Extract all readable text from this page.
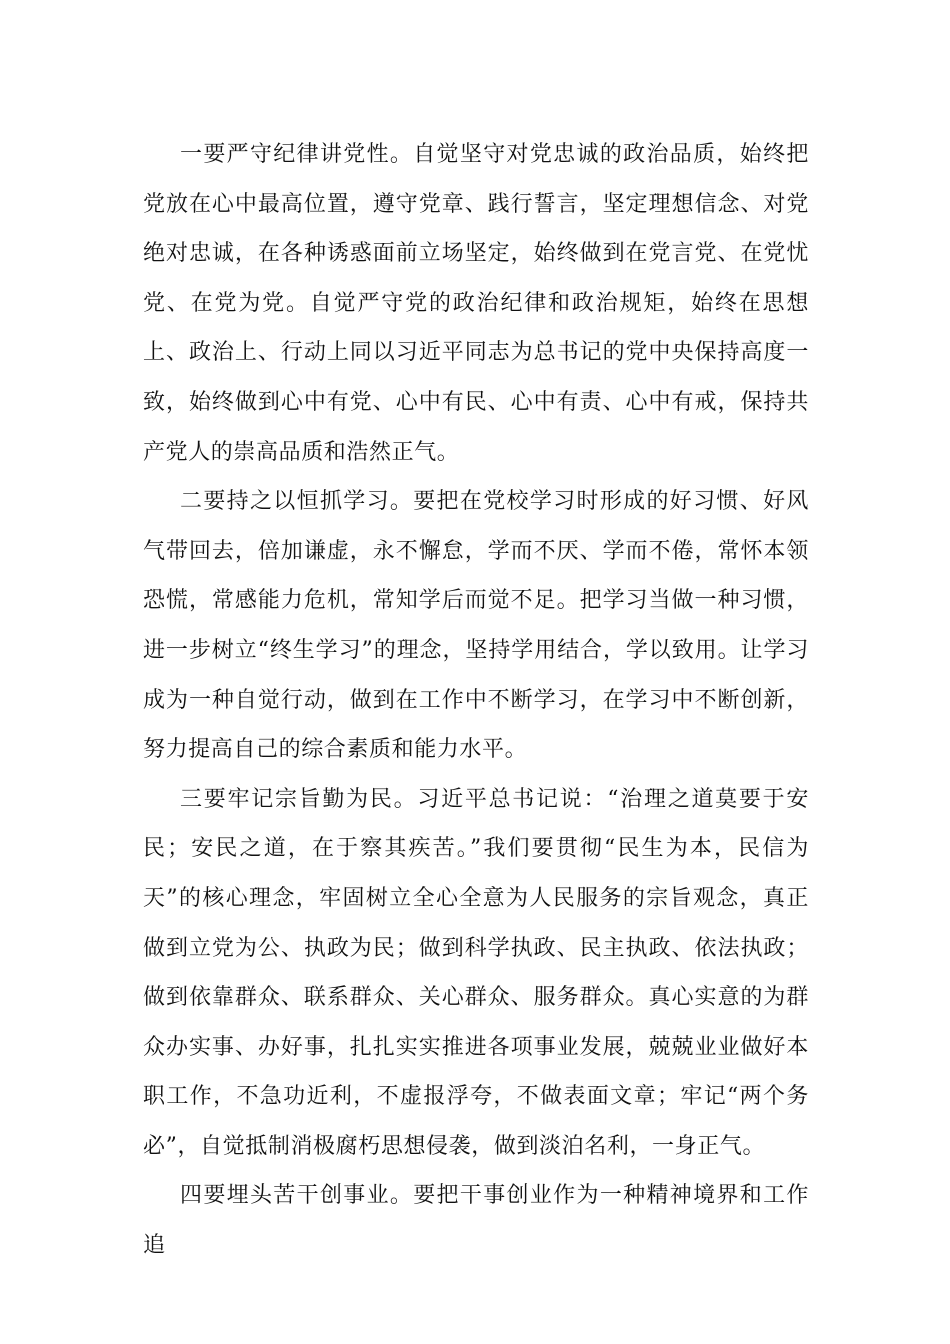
一要严守纪律讲党性。自觉坚守对党忠诚的政治品质，始终把党放在心中最高位置，遵守党章、践行誓言，坚定理想信念、对党绝对忠诚，在各种诱惑面前立场坚定，始终做到在党言党、在党忧党、在党为党。自觉严守党的政治纪律和政治规矩，始终在思想上、政治上、行动上同以习近平同志为总书记的党中央保持高度一致，始终做到心中有党、心中有民、心中有责、心中有戒，保持共产党人的崇高品质和浩然正气。

二要持之以恒抓学习。要把在党校学习时形成的好习惯、好风气带回去，倍加谦虚，永不懈怠，学而不厌、学而不倦，常怀本领恐慌，常感能力危机，常知学后而觉不足。把学习当做一种习惯，进一步树立“终生学习”的理念，坚持学用结合，学以致用。让学习成为一种自觉行动，做到在工作中不断学习，在学习中不断创新，努力提高自己的综合素质和能力水平。

三要牢记宗旨勤为民。习近平总书记说：“治理之道莫要于安民；安民之道，在于察其疾苦。”我们要贯彻“民生为本，民信为天”的核心理念，牢固树立全心全意为人民服务的宗旨观念，真正做到立党为公、执政为民；做到科学执政、民主执政、依法执政；做到依靠群众、联系群众、关心群众、服务群众。真心实意的为群众办实事、办好事，扎扎实实推进各项事业发展，兢兢业业做好本职工作，不急功近利，不虚报浮夸，不做表面文章；牢记“两个务必”，自觉抵制消极腐朽思想侵袭，做到淡泊名利，一身正气。

四要埋头苦干创事业。要把干事创业作为一种精神境界和工作追
